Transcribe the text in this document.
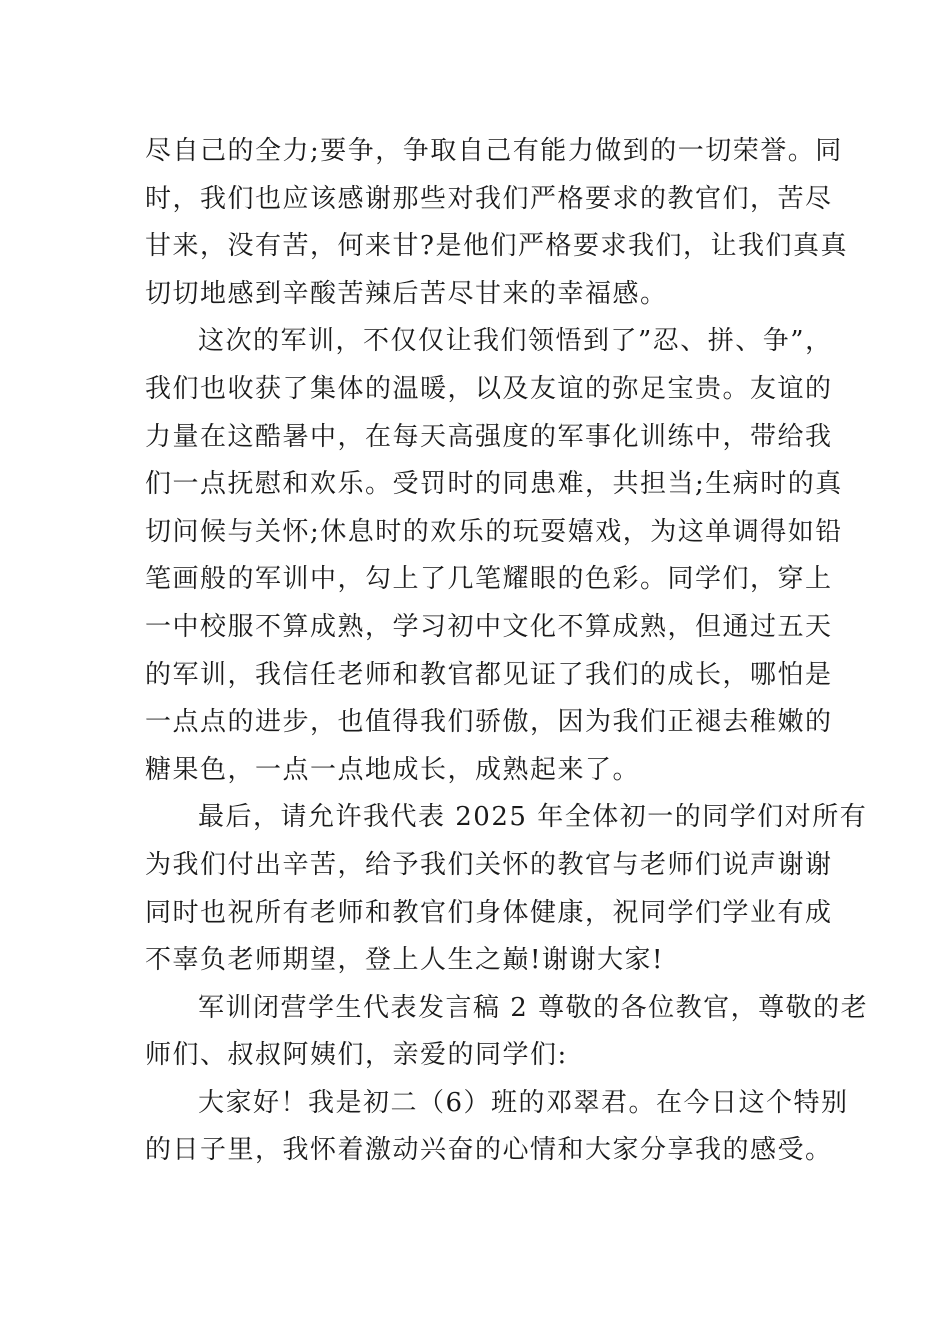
尽自己的全力;要争，争取自己有能力做到的一切荣誉。同
时，我们也应该感谢那些对我们严格要求的教官们，苦尽
甘来，没有苦，何来甘?是他们严格要求我们，让我们真真
切切地感到辛酸苦辣后苦尽甘来的幸福感。
这次的军训，不仅仅让我们领悟到了”忍、拼、争”，
我们也收获了集体的温暖，以及友谊的弥足宝贵。友谊的
力量在这酷暑中，在每天高强度的军事化训练中，带给我
们一点抚慰和欢乐。受罚时的同患难，共担当;生病时的真
切问候与关怀;休息时的欢乐的玩耍嬉戏，为这单调得如铅
笔画般的军训中，勾上了几笔耀眼的色彩。同学们，穿上
一中校服不算成熟，学习初中文化不算成熟，但通过五天
的军训，我信任老师和教官都见证了我们的成长，哪怕是
一点点的进步，也值得我们骄傲，因为我们正褪去稚嫩的
糖果色，一点一点地成长，成熟起来了。
最后，请允许我代表 2025 年全体初一的同学们对所有
为我们付出辛苦，给予我们关怀的教官与老师们说声谢谢
同时也祝所有老师和教官们身体健康，祝同学们学业有成
不辜负老师期望，登上人生之巅!谢谢大家!
军训闭营学生代表发言稿 2 尊敬的各位教官，尊敬的老
师们、叔叔阿姨们，亲爱的同学们:
大家好！我是初二（6）班的邓翠君。在今日这个特别
的日子里，我怀着激动兴奋的心情和大家分享我的感受。
